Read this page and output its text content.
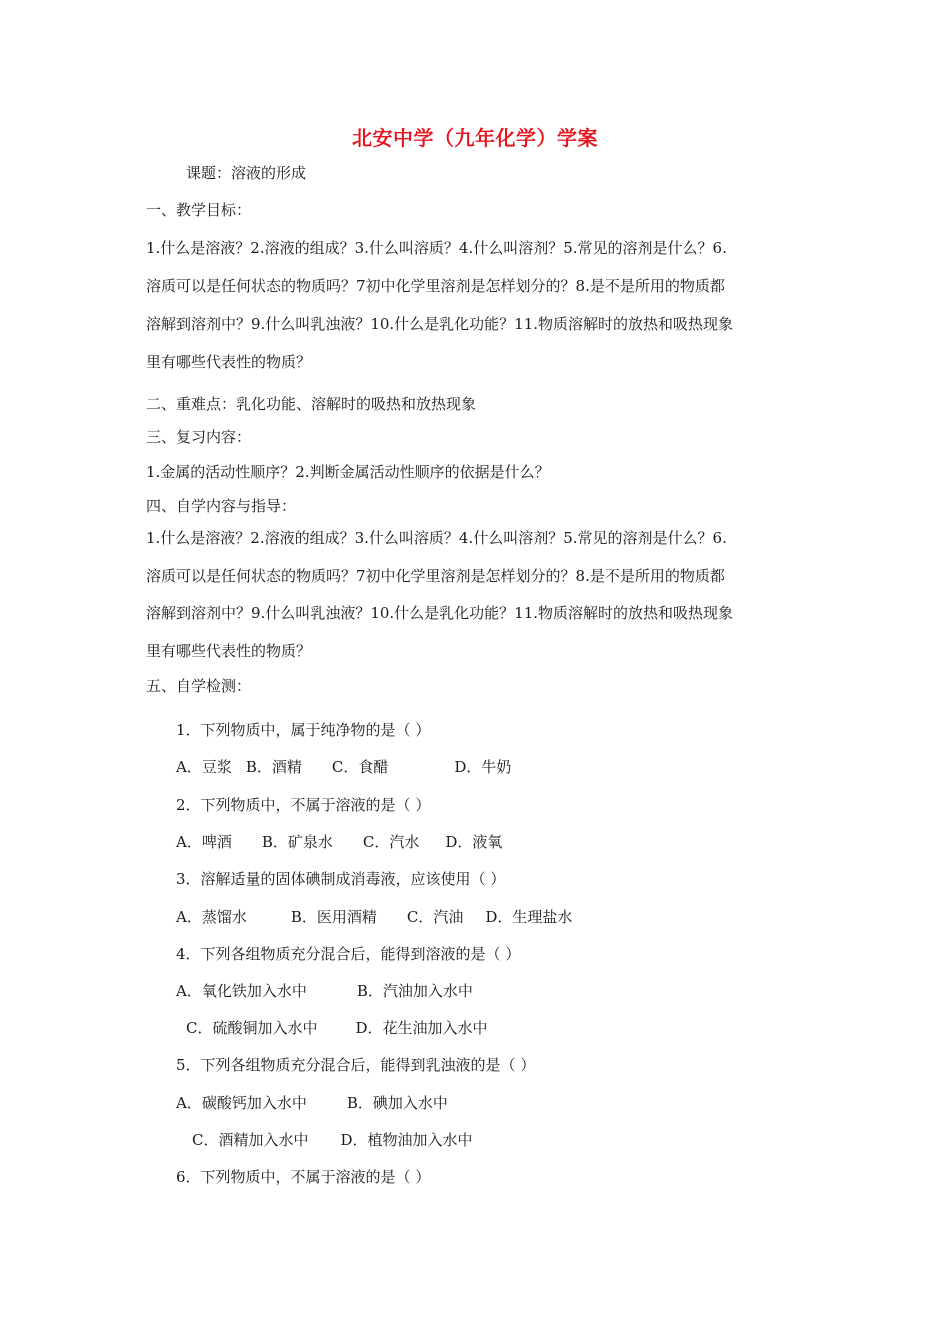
北安中学（九年化学）学案
课题：溶液的形成
一、教学目标：
1.什么是溶液？2.溶液的组成？3.什么叫溶质？4.什么叫溶剂？5.常见的溶剂是什么？6.
溶质可以是任何状态的物质吗？7初中化学里溶剂是怎样划分的？8.是不是所用的物质都
溶解到溶剂中？9.什么叫乳浊液？10.什么是乳化功能？11.物质溶解时的放热和吸热现象
里有哪些代表性的物质？
二、重难点：乳化功能、溶解时的吸热和放热现象
三、复习内容：
1.金属的活动性顺序？2.判断金属活动性顺序的依据是什么？
四、自学内容与指导：
1.什么是溶液？2.溶液的组成？3.什么叫溶质？4.什么叫溶剂？5.常见的溶剂是什么？6.
溶质可以是任何状态的物质吗？7初中化学里溶剂是怎样划分的？8.是不是所用的物质都
溶解到溶剂中？9.什么叫乳浊液？10.什么是乳化功能？11.物质溶解时的放热和吸热现象
里有哪些代表性的物质？
五、自学检测：
1．下列物质中，属于纯净物的是（ ）
A．豆浆 B．酒精 C．食醋	D．牛奶
2．下列物质中，不属于溶液的是（ ）
A．啤酒 B．矿泉水 C．汽水 D．液氧
3．溶解适量的固体碘制成消毒液，应该使用（ ）
A．蒸馏水	B．医用酒精 C．汽油 D．生理盐水
4．下列各组物质充分混合后，能得到溶液的是（ ）
A．氧化铁加入水中	B．汽油加入水中
C．硫酸铜加入水中	D．花生油加入水中
5．下列各组物质充分混合后，能得到乳浊液的是（ ）
A．碳酸钙加入水中	B．碘加入水中
C．酒精加入水中 D．植物油加入水中
6．下列物质中，不属于溶液的是（ ）
